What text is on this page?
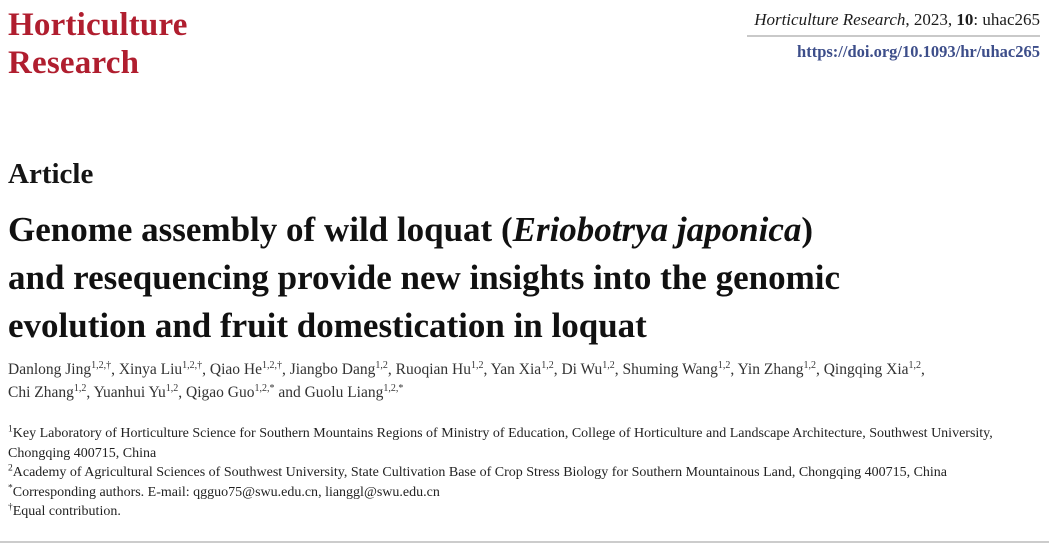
Horticulture
Research
Horticulture Research, 2023, 10: uhac265
https://doi.org/10.1093/hr/uhac265
Article
Genome assembly of wild loquat (Eriobotrya japonica)
and resequencing provide new insights into the genomic
evolution and fruit domestication in loquat
Danlong Jing$^{1,2,\dagger}$, Xinya Liu$^{1,2,\dagger}$, Qiao $He^{1,2,\dagger}$, Jiangbo Dang$^{1,2}$, Ruoqian Hu$^{1,2}$, Yan Xia$^{1,2}$, Di Wu$^{1,2}$, Shuming Wang$^{1,2}$, Yin Zhang$^{1,2}$, Qingqing Xia$^{1,2}$,
Chi Zhang$^{1,2}$, Yuanhui Yu$^{1,2}$, Qigao Guo$^{1,2,*}$ and Guolu Liang$^{1,2,*}$
$^1$Key Laboratory of Horticulture Science for Southern Mountains Regions of Ministry of Education, College of Horticulture and Landscape Architecture, Southwest University, Chongqing 400715, China
$^2$Academy of Agricultural Sciences of Southwest University, State Cultivation Base of Crop Stress Biology for Southern Mountainous Land, Chongqing 400715, China
*Corresponding authors. E-mail: qgguo75@swu.edu.cn, lianggl@swu.edu.cn
†Equal contribution.
